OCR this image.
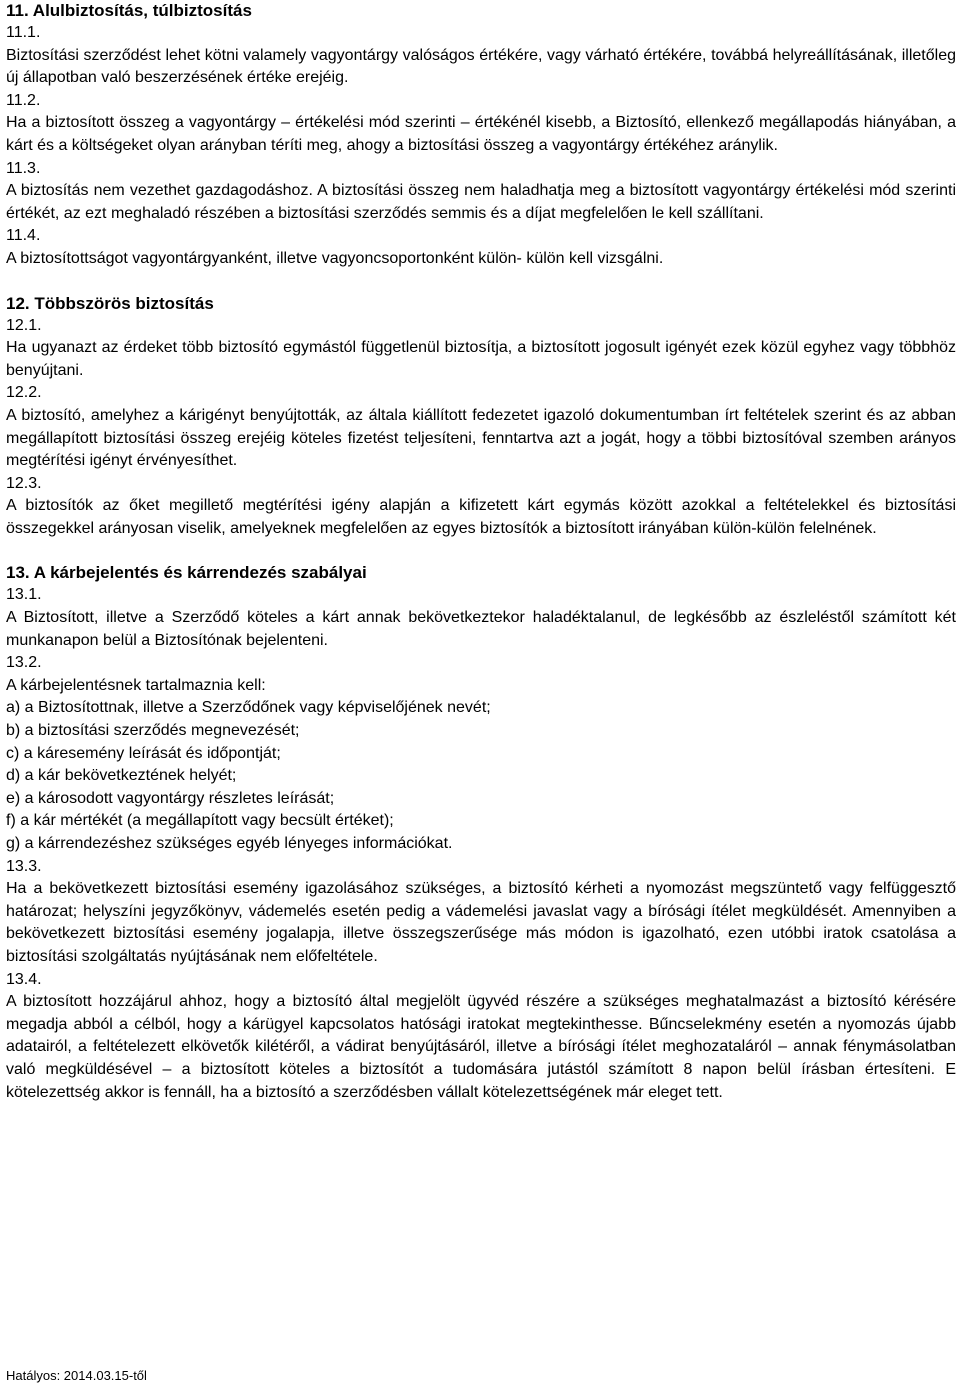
11. Alulbiztosítás, túlbiztosítás

11.1.

Biztosítási szerződést lehet kötni valamely vagyontárgy valóságos értékére, vagy várható értékére, továbbá helyreállításának, illetőleg új állapotban való beszerzésének értéke erejéig.

11.2.

Ha a biztosított összeg a vagyontárgy – értékelési mód szerinti – értékénél kisebb, a Biztosító, ellenkező megállapodás hiányában, a kárt és a költségeket olyan arányban téríti meg, ahogy a biztosítási összeg a vagyontárgy értékéhez aránylik.

11.3.

A biztosítás nem vezethet gazdagodáshoz. A biztosítási összeg nem haladhatja meg a biztosított vagyontárgy értékelési mód szerinti értékét, az ezt meghaladó részében a biztosítási szerződés semmis és a díjat megfelelően le kell szállítani.

11.4.

A biztosítottságot vagyontárgyanként, illetve vagyoncsoportonként külön- külön kell vizsgálni.

12. Többszörös biztosítás

12.1.

Ha ugyanazt az érdeket több biztosító egymástól függetlenül biztosítja, a biztosított jogosult igényét ezek közül egyhez vagy többhöz benyújtani.

12.2.

A biztosító, amelyhez a kárigényt benyújtották, az általa kiállított fedezetet igazoló dokumentumban írt feltételek szerint és az abban megállapított biztosítási összeg erejéig köteles fizetést teljesíteni, fenntartva azt a jogát, hogy a többi biztosítóval szemben arányos megtérítési igényt érvényesíthet.

12.3.

A biztosítók az őket megillető megtérítési igény alapján a kifizetett kárt egymás között azokkal a feltételekkel és biztosítási összegekkel arányosan viselik, amelyeknek megfelelően az egyes biztosítók a biztosított irányában külön-külön felelnének.

13. A kárbejelentés és kárrendezés szabályai

13.1.

A Biztosított, illetve a Szerződő köteles a kárt annak bekövetkeztekor haladéktalanul, de legkésőbb az észleléstől számított két munkanapon belül a Biztosítónak bejelenteni.

13.2.

A kárbejelentésnek tartalmaznia kell:

a) a Biztosítottnak, illetve a Szerződőnek vagy képviselőjének nevét;

b) a biztosítási szerződés megnevezését;

c) a káresemény leírását és időpontját;

d) a kár bekövetkeztének helyét;

e) a károsodott vagyontárgy részletes leírását;

f) a kár mértékét (a megállapított vagy becsült értéket);

g) a kárrendezéshez szükséges egyéb lényeges információkat.

13.3.

Ha a bekövetkezett biztosítási esemény igazolásához szükséges, a biztosító kérheti a nyomozást megszüntető vagy felfüggesztő határozat; helyszíni jegyzőkönyv, vádemelés esetén pedig a vádemelési javaslat vagy a bírósági ítélet megküldését. Amennyiben a bekövetkezett biztosítási esemény jogalapja, illetve összegszerűsége más módon is igazolható, ezen utóbbi iratok csatolása a biztosítási szolgáltatás nyújtásának nem előfeltétele.

13.4.

A biztosított hozzájárul ahhoz, hogy a biztosító által megjelölt ügyvéd részére a szükséges meghatalmazást a biztosító kérésére megadja abból a célból, hogy a kárügyel kapcsolatos hatósági iratokat megtekinthesse. Bűncselekmény esetén a nyomozás újabb adatairól, a feltételezett elkövetők kilétéről, a vádirat benyújtásáról, illetve a bírósági ítélet meghozataláról – annak fénymásolatban való megküldésével – a biztosított köteles a biztosítót a tudomására jutástól számított 8 napon belül írásban értesíteni. E kötelezettség akkor is fennáll, ha a biztosító a szerződésben vállalt kötelezettségének már eleget tett.

Hatályos: 2014.03.15-től
